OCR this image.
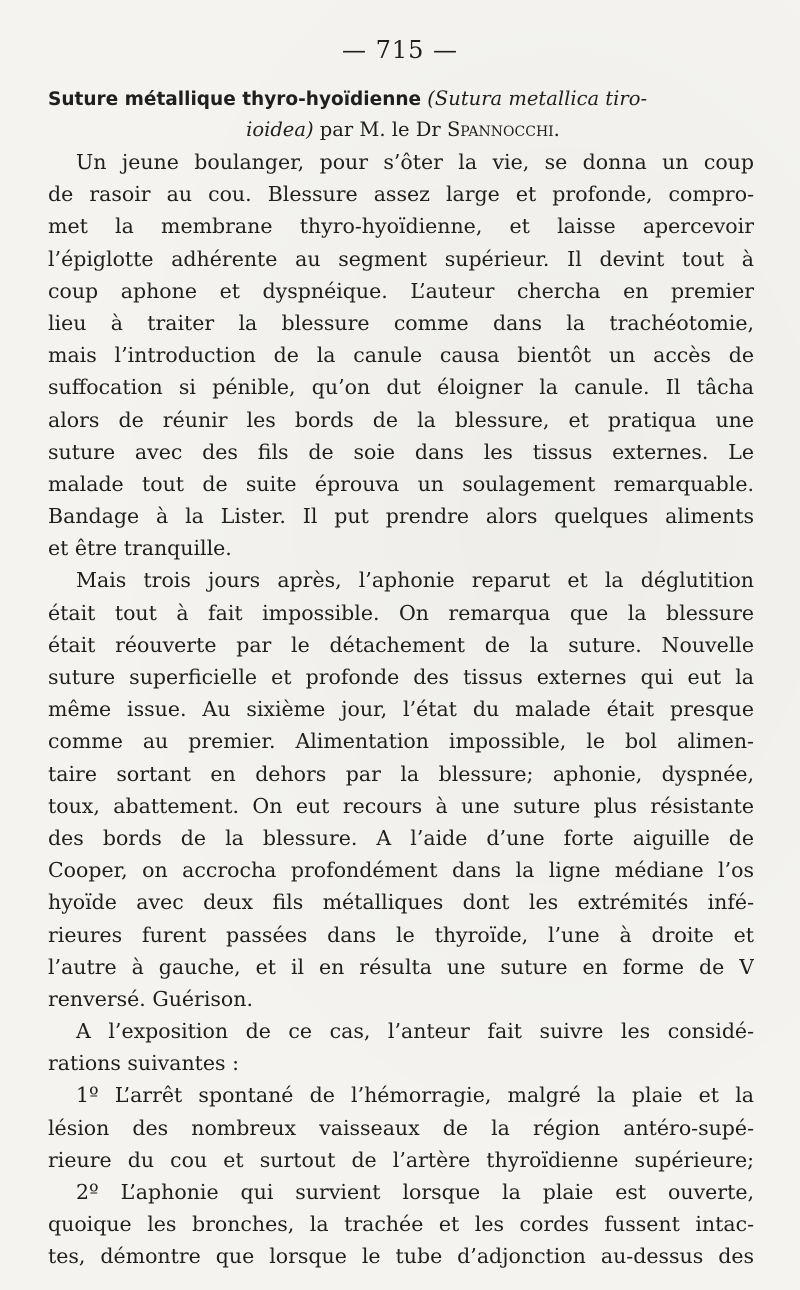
— 715 —
Suture métallique thyro-hyoïdienne (Sutura metallica tiro-
ioidea) par M. le Dr Spannocchi.
Un jeune boulanger, pour s’ôter la vie, se donna un coup
de rasoir au cou. Blessure assez large et profonde, compro-
met la membrane thyro-hyoïdienne, et laisse apercevoir
l’épiglotte adhérente au segment supérieur. Il devint tout à
coup aphone et dyspnéique. L’auteur chercha en premier
lieu à traiter la blessure comme dans la trachéotomie,
mais l’introduction de la canule causa bientôt un accès de
suffocation si pénible, qu’on dut éloigner la canule. Il tâcha
alors de réunir les bords de la blessure, et pratiqua une
suture avec des fils de soie dans les tissus externes. Le
malade tout de suite éprouva un soulagement remarquable.
Bandage à la Lister. Il put prendre alors quelques aliments
et être tranquille.
Mais trois jours après, l’aphonie reparut et la déglutition
était tout à fait impossible. On remarqua que la blessure
était réouverte par le détachement de la suture. Nouvelle
suture superficielle et profonde des tissus externes qui eut la
même issue. Au sixième jour, l’état du malade était presque
comme au premier. Alimentation impossible, le bol alimen-
taire sortant en dehors par la blessure; aphonie, dyspnée,
toux, abattement. On eut recours à une suture plus résistante
des bords de la blessure. A l’aide d’une forte aiguille de
Cooper, on accrocha profondément dans la ligne médiane l’os
hyoïde avec deux fils métalliques dont les extrémités infé-
rieures furent passées dans le thyroïde, l’une à droite et
l’autre à gauche, et il en résulta une suture en forme de V
renversé. Guérison.
A l’exposition de ce cas, l’anteur fait suivre les considé-
rations suivantes :
1º L’arrêt spontané de l’hémorragie, malgré la plaie et la
lésion des nombreux vaisseaux de la région antéro-supé-
rieure du cou et surtout de l’artère thyroïdienne supérieure;
2º L’aphonie qui survient lorsque la plaie est ouverte,
quoique les bronches, la trachée et les cordes fussent intac-
tes, démontre que lorsque le tube d’adjonction au-dessus des
